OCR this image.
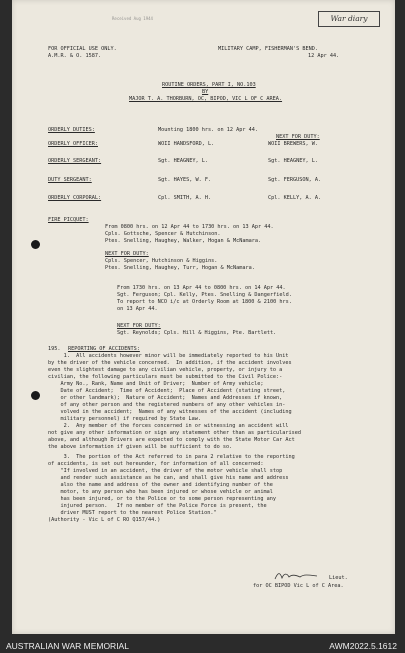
Received Aug 1944	War diary
FOR OFFICIAL USE ONLY.
A.M.R. & O. 1587.
MILITARY CAMP, FISHERMAN'S BEND.
12 Apr 44.
ROUTINE ORDERS, PART I, NO.103
BY
MAJOR T. A. THORBURN, OC, BIPOD, VIC L OF C AREA.
ORDERLY DUTIES:	Mounting 1800 hrs. on 12 Apr 44.
NEXT FOR DUTY:
ORDERLY OFFICER:	WOII HANDSFORD, L.	WOII BREWERS, W.
ORDERLY SERGEANT:	Sgt. HEAGNEY, L.	Sgt. HEAGNEY, L.
DUTY SERGEANT:	Sgt. HAYES, W. F.	Sgt. FERGUSON, A.
ORDERLY CORPORAL:	Cpl. SMITH, A. H.	Cpl. KELLY, A. A.
FIRE PICQUET:
From 0800 hrs. on 12 Apr 44 to 1730 hrs. on 13 Apr 44.
Cpls. Gottsche, Spencer & Hutchinson.
Ptes. Snelling, Haughey, Walker, Hogan & McNamara.
NEXT FOR DUTY:
Cpls. Spencer, Hutchinson & Higgins.
Ptes. Snelling, Haughey, Turr, Hogan & McNamara.
From 1730 hrs. on 13 Apr 44 to 0800 hrs. on 14 Apr 44.
Sgt. Ferguson; Cpl. Kelly, Ptes. Snelling & Dangerfield.
To report to NCO i/c at Orderly Room at 1800 & 2100 hrs.
on 13 Apr 44.
NEXT FOR DUTY:
Sgt. Reynolds; Cpls. Hill & Higgins, Pte. Bartlett.
195. REPORTING OF ACCIDENTS:
1.  All accidents however minor will be immediately reported to his Unit
by the driver of the vehicle concerned.  In addition, if the accident involves
even the slightest damage to any civilian vehicle, property, or injury to a
civilian, the following particulars must be submitted to the Civil Police:-
Army No., Rank, Name and Unit of Driver;  Number of Army vehicle;
Date of Accident;  Time of Accident;  Place of Accident (stating street,
or other landmark);  Nature of Accident;  Names and Addresses if known,
of any other person and the registered numbers of any other vehicles in-
volved in the accident;  Names of any witnesses of the accident (including
military personnel) if required by State Law.
2.  Any member of the forces concerned in or witnessing an accident will
not give any other information or sign any statement other than as particularised
above, and although Drivers are expected to comply with the State Motor Car Act
the above information if given will be sufficient to do so.
3.  The portion of the Act referred to in para 2 relative to the reporting
of accidents, is set out hereunder, for information of all concerned:
"If involved in an accident, the driver of the motor vehicle shall stop
and render such assistance as he can, and shall give his name and address
also the name and address of the owner and identifying number of the
motor, to any person who has been injured or whose vehicle or animal
has been injured, or to the Police or to some person representing any
injured person.   If no member of the Police Force is present, the
driver MUST report to the nearest Police Station."
(Authority - Vic L of C RO Q157/44.)
Lieut.
for OC BIPOD Vic L of C Area.
AUSTRALIAN WAR MEMORIAL	AWM2022.5.1612
